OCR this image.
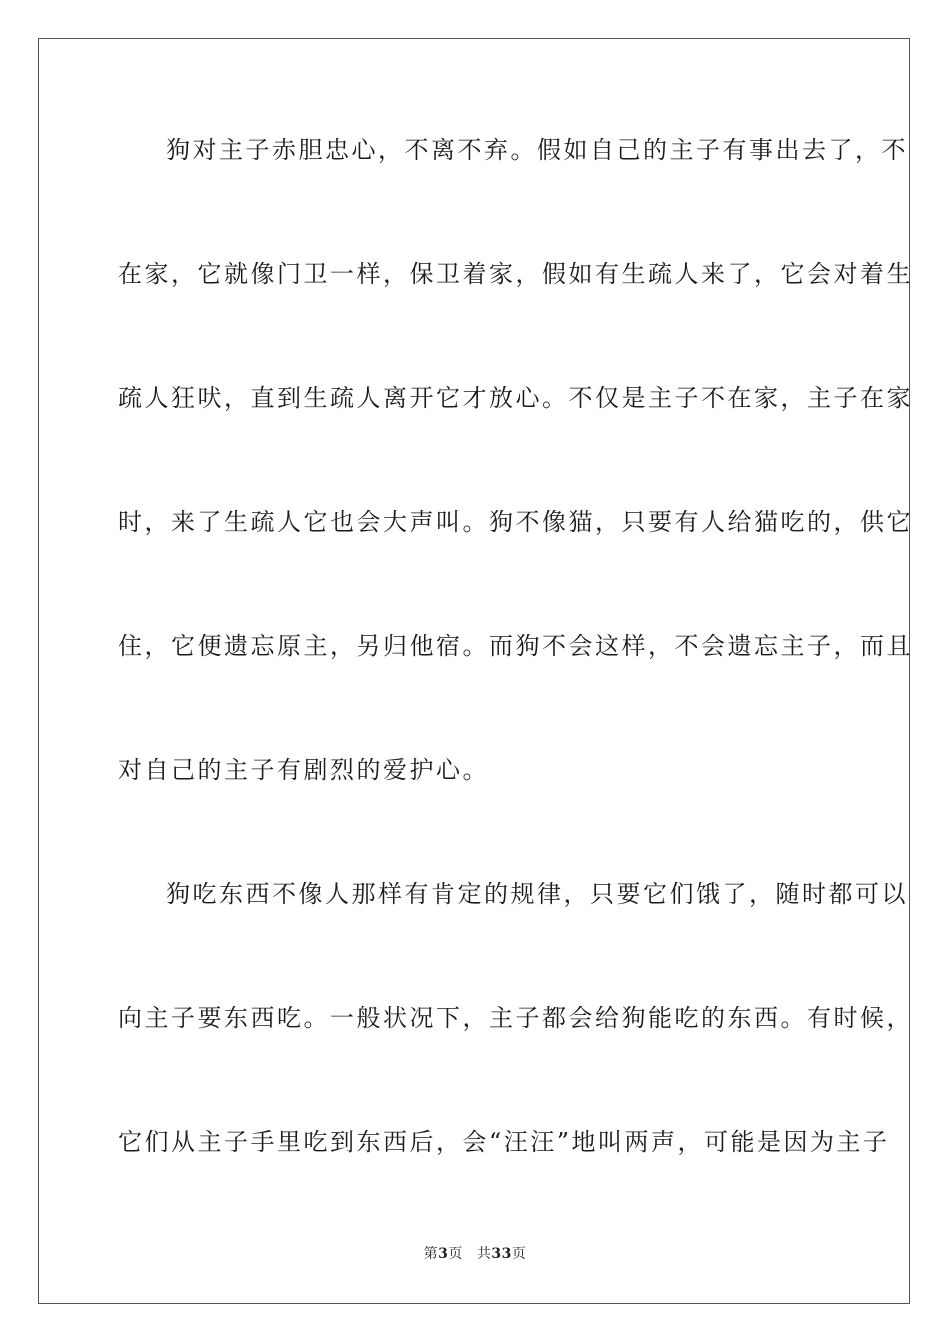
狗对主子赤胆忠心，不离不弃。假如自己的主子有事出去了，不
在家，它就像门卫一样，保卫着家，假如有生疏人来了，它会对着生
疏人狂吠，直到生疏人离开它才放心。不仅是主子不在家，主子在家
时，来了生疏人它也会大声叫。狗不像猫，只要有人给猫吃的，供它
住，它便遗忘原主，另归他宿。而狗不会这样，不会遗忘主子，而且
对自己的主子有剧烈的爱护心。
狗吃东西不像人那样有肯定的规律，只要它们饿了，随时都可以
向主子要东西吃。一般状况下，主子都会给狗能吃的东西。有时候，
它们从主子手里吃到东西后，会“汪汪”地叫两声，可能是因为主子
第3页 共33页
